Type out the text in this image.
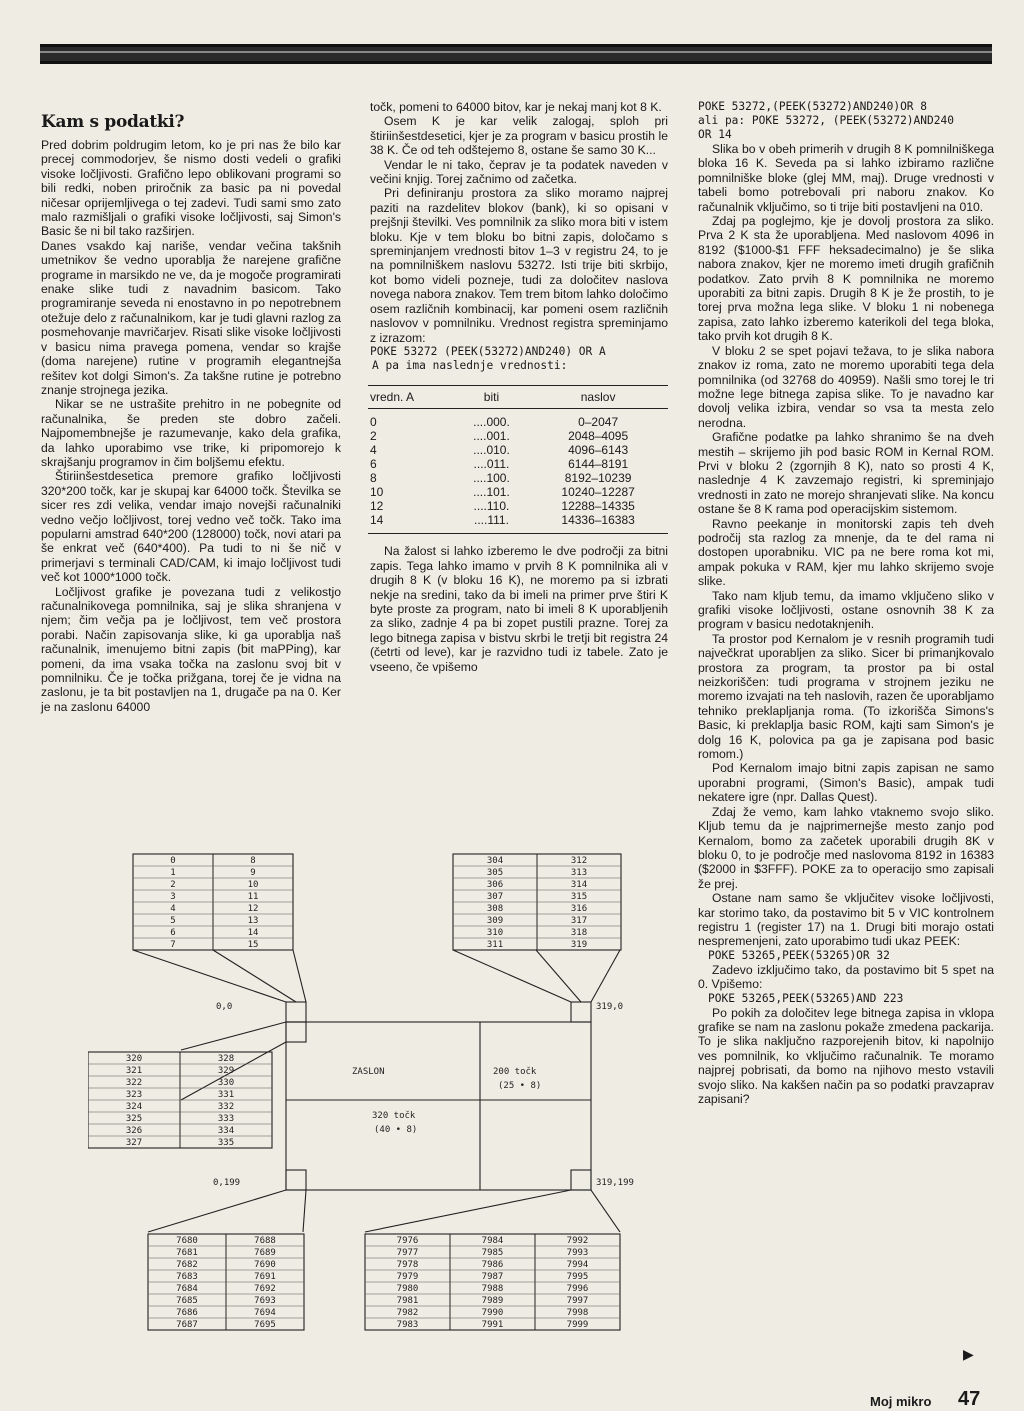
Kam s podatki?

Pred dobrim poldrugim letom, ko je pri nas že bilo kar precej commodorjev, še nismo dosti vedeli o grafiki visoke ločljivosti. Grafično lepo oblikovani programi so bili redki, noben priročnik za basic pa ni povedal ničesar oprijemljivega o tej zadevi. Tudi sami smo zato malo razmišljali o grafiki visoke ločljivosti, saj Simon's Basic še ni bil tako razširjen.

Danes vsakdo kaj nariše, vendar večina takšnih umetnikov še vedno uporablja že narejene grafične programe in marsikdo ne ve, da je mogoče programirati enake slike tudi z navadnim basicom. Tako programiranje seveda ni enostavno in po nepotrebnem otežuje delo z računalnikom, kar je tudi glavni razlog za posmehovanje mavričarjev. Risati slike visoke ločljivosti v basicu nima pravega pomena, vendar so krajše (doma narejene) rutine v programih elegantnejša rešitev kot dolgi Simon's. Za takšne rutine je potrebno znanje strojnega jezika.

Nikar se ne ustrašite prehitro in ne pobegnite od računalnika, še preden ste dobro začeli. Najpomembnejše je razumevanje, kako dela grafika, da lahko uporabimo vse trike, ki pripomorejo k skrajšanju programov in čim boljšemu efektu.

Štiriinšestdesetica premore grafiko ločljivosti 320*200 točk, kar je skupaj kar 64000 točk. Številka se sicer res zdi velika, vendar imajo novejši računalniki vedno večjo ločljivost, torej vedno več točk. Tako ima popularni amstrad 640*200 (128000) točk, novi atari pa še enkrat več (640*400). Pa tudi to ni še nič v primerjavi s terminali CAD/CAM, ki imajo ločljivost tudi več kot 1000*1000 točk.

Ločljivost grafike je povezana tudi z velikostjo računalnikovega pomnilnika, saj je slika shranjena v njem; čim večja pa je ločljivost, tem več prostora porabi. Način zapisovanja slike, ki ga uporablja naš računalnik, imenujemo bitni zapis (bit maPPing), kar pomeni, da ima vsaka točka na zaslonu svoj bit v pomnilniku. Če je točka prižgana, torej če je vidna na zaslonu, je ta bit postavljen na 1, drugače pa na 0. Ker je na zaslonu 64000

točk, pomeni to 64000 bitov, kar je nekaj manj kot 8 K.

Osem K je kar velik zalogaj, sploh pri štiriinšestdesetici, kjer je za program v basicu prostih le 38 K. Če od teh odštejemo 8, ostane še samo 30 K...

Vendar le ni tako, čeprav je ta podatek naveden v večini knjig. Torej začnimo od začetka.

Pri definiranju prostora za sliko moramo najprej paziti na razdelitev blokov (bank), ki so opisani v prejšnji številki. Ves pomnilnik za sliko mora biti v istem bloku. Kje v tem bloku bo bitni zapis, določamo s spreminjanjem vrednosti bitov 1–3 v registru 24, to je na pomnilniškem naslovu 53272. Isti trije biti skrbijo, kot bomo videli pozneje, tudi za določitev naslova novega nabora znakov. Tem trem bitom lahko določimo osem različnih kombinacij, kar pomeni osem različnih naslovov v pomnilniku. Vrednost registra spreminjamo z izrazom:

POKE 53272 (PEEK(53272)AND240) OR A
A pa ima naslednje vrednosti:
vredn. A	biti	naslov
0	....000.	0–2047
2	....001.	2048–4095
4	....010.	4096–6143
6	....011.	6144–8191
8	....100.	8192–10239
10	....101.	10240–12287
12	....110.	12288–14335
14	....111.	14336–16383

Na žalost si lahko izberemo le dve področji za bitni zapis. Tega lahko imamo v prvih 8 K pomnilnika ali v drugih 8 K (v bloku 16 K), ne moremo pa si izbrati nekje na sredini, tako da bi imeli na primer prve štiri K byte proste za program, nato bi imeli 8 K uporabljenih za sliko, zadnje 4 pa bi zopet pustili prazne. Torej za lego bitnega zapisa v bistvu skrbi le tretji bit registra 24 (četrti od leve), kar je razvidno tudi iz tabele. Zato je vseeno, če vpišemo

POKE 53272,(PEEK(53272)AND240)OR 8
ali pa: POKE 53272, (PEEK(53272)AND240
OR 14

Slika bo v obeh primerih v drugih 8 K pomnilniškega bloka 16 K. Seveda pa si lahko izbiramo različne pomnilniške bloke (glej MM, maj). Druge vrednosti v tabeli bomo potrebovali pri naboru znakov. Ko računalnik vključimo, so ti trije biti postavljeni na 010.

Zdaj pa poglejmo, kje je dovolj prostora za sliko. Prva 2 K sta že uporabljena. Med naslovom 4096 in 8192 ($1000-$1 FFF heksadecimalno) je še slika nabora znakov, kjer ne moremo imeti drugih grafičnih podatkov. Zato prvih 8 K pomnilnika ne moremo uporabiti za bitni zapis. Drugih 8 K je že prostih, to je torej prva možna lega slike. V bloku 1 ni nobenega zapisa, zato lahko izberemo katerikoli del tega bloka, tako prvih kot drugih 8 K.

V bloku 2 se spet pojavi težava, to je slika nabora znakov iz roma, zato ne moremo uporabiti tega dela pomnilnika (od 32768 do 40959). Našli smo torej le tri možne lege bitnega zapisa slike. To je navadno kar dovolj velika izbira, vendar so vsa ta mesta zelo nerodna.

Grafične podatke pa lahko shranimo še na dveh mestih – skrijemo jih pod basic ROM in Kernal ROM. Prvi v bloku 2 (zgornjih 8 K), nato so prosti 4 K, naslednje 4 K zavzemajo registri, ki spreminjajo vrednosti in zato ne morejo shranjevati slike. Na koncu ostane še 8 K rama pod operacijskim sistemom.

Ravno peekanje in monitorski zapis teh dveh področij sta razlog za mnenje, da te del rama ni dostopen uporabniku. VIC pa ne bere roma kot mi, ampak pokuka v RAM, kjer mu lahko skrijemo svoje slike.

Tako nam kljub temu, da imamo vključeno sliko v grafiki visoke ločljivosti, ostane osnovnih 38 K za program v basicu nedotaknjenih.

Ta prostor pod Kernalom je v resnih programih tudi največkrat uporabljen za sliko. Sicer bi primanjkovalo prostora za program, ta prostor pa bi ostal neizkoriščen: tudi programa v strojnem jeziku ne moremo izvajati na teh naslovih, razen če uporabljamo tehniko preklapljanja roma. (To izkorišča Simons's Basic, ki preklaplja basic ROM, kajti sam Simon's je dolg 16 K, polovica pa ga je zapisana pod basic romom.)

Pod Kernalom imajo bitni zapis zapisan ne samo uporabni programi, (Simon's Basic), ampak tudi nekatere igre (npr. Dallas Quest).

Zdaj že vemo, kam lahko vtaknemo svojo sliko. Kljub temu da je najprimernejše mesto zanjo pod Kernalom, bomo za začetek uporabili drugih 8K v bloku 0, to je področje med naslovoma 8192 in 16383 ($2000 in $3FFF). POKE za to operacijo smo zapisali že prej.

Ostane nam samo še vključitev visoke ločljivosti, kar storimo tako, da postavimo bit 5 v VIC kontrolnem registru 1 (register 17) na 1. Drugi biti morajo ostati nespremenjeni, zato uporabimo tudi ukaz PEEK:

POKE 53265,PEEK(53265)OR 32

Zadevo izključimo tako, da postavimo bit 5 spet na 0. Vpišemo:

POKE 53265,PEEK(53265)AND 223

Po pokih za določitev lege bitnega zapisa in vklopa grafike se nam na zaslonu pokaže zmedena packarija. To je slika naključno razporejenih bitov, ki napolnijo ves pomnilnik, ko vključimo računalnik. Te moramo najprej pobrisati, da bomo na njihovo mesto vstavili svojo sliko. Na kakšen način pa so podatki pravzaprav zapisani?

0	8
1	9
2	10
3	11
4	12
5	13
6	14
7	15
304	312
305	313
306	314
307	315
308	316
309	317
310	318
311	319
320	328
321	329
322	330
323	331
324	332
325	333
326	334
327	335
7680	7688
7681	7689
7682	7690
7683	7691
7684	7692
7685	7693
7686	7694
7687	7695
7976	7984	7992
7977	7985	7993
7978	7986	7994
7979	7987	7995
7980	7988	7996
7981	7989	7997
7982	7990	7998
7983	7991	7999
ZASLON	200 točk
(25 • 8)
320 točk
(40 • 8)
0,0	319,0
0,199	319,199
▶
Moj mikro 47
